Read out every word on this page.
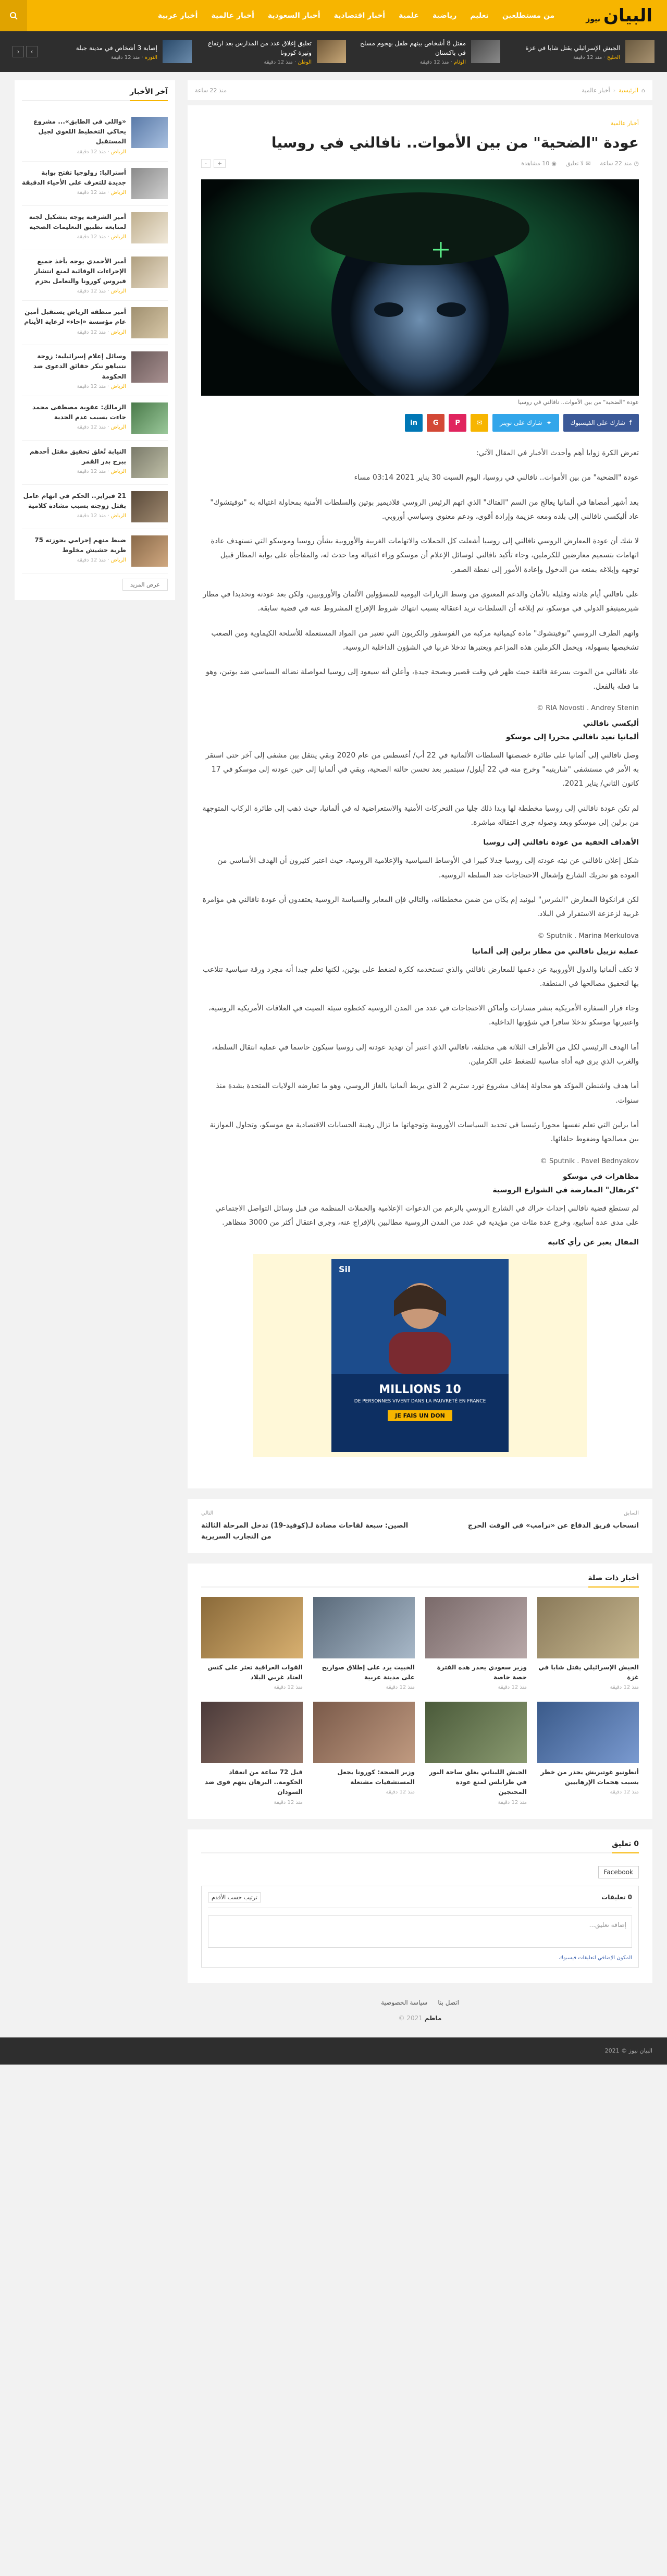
البيان
نيوز
من مستطلعين
تعليم
رياضية
علمية
أخبار اقتصادية
أخبار السعودية
أخبار عالمية
أخبار عربية
الجيش الإسرائيلي يقتل شابا في غزة
الخليج · منذ 12 دقيقة
مقتل 8 أشخاص بينهم طفل بهجوم مسلح في باكستان
الوئام · منذ 12 دقيقة
تعليق إغلاق عدد من المدارس بعد ارتفاع وتيرة كورونا
الوطن · منذ 12 دقيقة
إصابة 3 أشخاص في مدينة جبلة
الثورة · منذ 12 دقيقة
›
‹
⌂
الرئيسية
‹
أخبار عالمية
منذ 22 ساعة
أخبار عالمية
عودة "الضحية" من بين الأموات.. نافالني في روسيا
◷
منذ 22 ساعة
✉
لا تعليق
◉
10 مشاهدة
+
-
عودة "الضحية" من بين الأموات.. نافالني في روسيا
f
شارك على الفيسبوك
✦
شارك على تويتر
✉
P
G
in

تعرض الكرة زوايا أهم وأحدث الأخبار في المقال الآتي:

عودة "الضحية" من بين الأموات.. نافالني في روسيا، اليوم السبت 30 يناير 2021 03:14 مساء

بعد أشهر أمضاها في ألمانيا يعالج من السم "الفتاك" الذي اتهم الرئيس الروسي فلاديمير بوتين والسلطات الأمنية بمحاولة اغتياله به "نوفيتشوك" عاد أليكسي نافالني إلى بلده ومعه عزيمة وإرادة أقوى، ودعم معنوي وسياسي أوروبي.

لا شك أن عودة المعارض الروسي نافالني إلى روسيا أشعلت كل الحملات والاتهامات الغربية والأوروبية بشأن روسيا وموسكو التي تستهدف عادة اتهامات بتسميم معارضين للكرملين، وجاء تأكيد نافالني لوسائل الإعلام أن موسكو وراء اغتياله وما حدث له، والمفاجأة على بوابة المطار قبيل توجهه وإبلاغه بمنعه من الدخول وإعادة الأمور إلى نقطة الصفر.

على نافالني أيام هادئة وقليلة بالأمان والدعم المعنوي من وسط الزيارات اليومية للمسؤولين الألمان والأوروبيين، ولكن بعد عودته وتحديدا في مطار شيريميتيفو الدولي في موسكو، تم إبلاغه أن السلطات تريد اعتقاله بسبب انتهاك شروط الإفراج المشروط عنه في قضية سابقة.

واتهم الطرف الروسي "نوفيتشوك" مادة كيميائية مركبة من الفوسفور والكربون التي تعتبر من المواد المستعملة للأسلحة الكيماوية ومن الصعب تشخيصها بسهولة، ويحمل الكرملين هذه المزاعم ويعتبرها تدخلا غربيا في الشؤون الداخلية الروسية.

عاد نافالني من الموت بسرعة فائقة حيث ظهر في وقت قصير وبصحة جيدة، وأعلن أنه سيعود إلى روسيا لمواصلة نضاله السياسي ضد بوتين، وهو ما فعله بالفعل.

RIA Novosti . Andrey Stenin ©
أليكسي نافالني
ألمانيا تعيد نافالني محررا إلى موسكو

وصل نافالني إلى ألمانيا على طائرة خصصتها السلطات الألمانية في 22 أب/ أغسطس من عام 2020 وبقي ينتقل بين مشفى إلى آخر حتى استقر به الأمر في مستشفى "شاريتيه" وخرج منه في 22 أيلول/ سبتمبر بعد تحسن حالته الصحية، وبقي في ألمانيا إلى حين عودته إلى موسكو في 17 كانون الثاني/ يناير 2021.

لم تكن عودة نافالني إلى روسيا مخططة لها وبدا ذلك جليا من التحركات الأمنية والاستعراضية له في ألمانيا، حيث ذهب إلى طائرة الركاب المتوجهة من برلين إلى موسكو وبعد وصوله جرى اعتقاله مباشرة.

الأهداف الخفية من عودة نافالني إلى روسيا

شكل إعلان نافالني عن نيته عودته إلى روسيا جدلا كبيرا في الأوساط السياسية والإعلامية الروسية، حيث اعتبر كثيرون أن الهدف الأساسي من العودة هو تحريك الشارع وإشعال الاحتجاجات ضد السلطة الروسية.

لكن فرانكوفا المعارض "الشرس" ليونيد إم يكان من ضمن مخططاته، والتالي فإن المعابر والسياسة الروسية يعتقدون أن عودة نافالني هي مؤامرة غربية لزعزعة الاستقرار في البلاد.

Sputnik . Marina Merkulova ©
عملية تزييل نافالني من مطار برلين إلى ألمانيا

لا تكف ألمانيا والدول الأوروبية عن دعمها للمعارض نافالني والذي تستخدمه ككرة لضغط على بوتين، لكنها تعلم جيدا أنه مجرد ورقة سياسية تتلاعب بها لتحقيق مصالحها في المنطقة.

وجاء قرار السفارة الأمريكية بنشر مسارات وأماكن الاحتجاجات في عدد من المدن الروسية كخطوة سيئة الصيت في العلاقات الأمريكية الروسية، واعتبرتها موسكو تدخلا سافرا في شؤونها الداخلية.

أما الهدف الرئيسي لكل من الأطراف الثلاثة هي مختلفة، نافالني الذي اعتبر أن تهديد عودته إلى روسيا سيكون حاسما في عملية انتقال السلطة، والغرب الذي يرى فيه أداة مناسبة للضغط على الكرملين.

أما هدف واشنطن المؤكد هو محاولة إيقاف مشروع نورد ستريم 2 الذي يربط ألمانيا بالغاز الروسي، وهو ما تعارضه الولايات المتحدة بشدة منذ سنوات.

أما برلين التي تعلم نفسها محورا رئيسيا في تحديد السياسات الأوروبية وتوجهاتها ما تزال رهينة الحسابات الاقتصادية مع موسكو، وتحاول الموازنة بين مصالحها وضغوط حلفائها.

Sputnik . Pavel Bednyakov ©
مظاهرات في موسكو
"كرنفال" المعارضة في الشوارع الروسية

لم تستطع قضية نافالني إحداث حراك في الشارع الروسي بالرغم من الدعوات الإعلامية والحملات المنظمة من قبل وسائل التواصل الاجتماعي على مدى عدة أسابيع، وخرج عدة مئات من مؤيديه في عدد من المدن الروسية مطالبين بالإفراج عنه، وجرى اعتقال أكثر من 3000 متظاهر.

المقال يعبر عن رأي كاتبه
Sil
10 MILLIONS
DE PERSONNES VIVENT DANS LA PAUVRETÉ EN FRANCE
JE FAIS UN DON
السابق
انسحاب فريق الدفاع عن «ترامب» في الوقت الحرج
التالي
الصين: سبعة لقاحات مضادة لـ(كوفيد-19) تدخل المرحلة الثالثة من التجارب السريرية
أخبار ذات صلة
الجيش الإسرائيلي يقتل شابا في غزة
منذ 12 دقيقة
وزير سعودي يحذر هذه الفترة حصة خاصة
منذ 12 دقيقة
الخبيث يرد على إطلاق صواريخ على مدينة عربية
منذ 12 دقيقة
القوات العراقية تعثر على كنس العتاد غربي البلاد
منذ 12 دقيقة
أنطونيو غوتيريش يحذر من خطر بسبب هجمات الإرهابيين
منذ 12 دقيقة
الجيش اللبناني يغلق ساحة النور في طرابلس لمنع عودة المحتجين
منذ 12 دقيقة
وزير الصحة: كورونا يجعل المستشفيات مشتعلة
منذ 12 دقيقة
قبل 72 ساعة من انعقاد الحكومة.. البرهان يتهم قوى ضد السودان
منذ 12 دقيقة
0 تعليق
Facebook
0 تعليقات
ترتيب حسب الأقدم
إضافة تعليق...
المكون الإضافي لتعليقات فيسبوك
اتصل بنا
سياسة الخصوصية
ماطم 2021 ©
آخر الأخبار
«واللي في الطابق»... مشروع يحاكي التخطيط اللغوي لجيل المستقبل
الرياض · منذ 12 دقيقة
أستراليا: زولوجيا تفتح بوابة جديدة للتعرف على الأحياء الدقيقة
الرياض · منذ 12 دقيقة
أمير الشرقية يوجه بتشكيل لجنة لمتابعة تطبيق التعليمات الصحية
الرياض · منذ 12 دقيقة
أمير الأحمدي يوجه بأخذ جميع الإجراءات الوقائية لمنع انتشار فيروس كورونا والتعامل بحزم
الرياض · منذ 12 دقيقة
أمير منطقة الرياض يستقبل أمين عام مؤسسة «إخاء» لرعاية الأيتام
الرياض · منذ 12 دقيقة
وسائل إعلام إسرائيلية: زوجة نتنياهو تنكر حقائق الدعوى ضد الحكومة
الرياض · منذ 12 دقيقة
الزمالك: عقوبة مصطفى محمد جاءت بسبب عدم الجدية
الرياض · منذ 12 دقيقة
النيابة تُغلق تحقيق مقتل أحدهم ببرج بدر القمر
الرياض · منذ 12 دقيقة
21 فبراير.. الحكم في اتهام عامل بقتل زوجته بسبب مشادة كلامية
الرياض · منذ 12 دقيقة
ضبط منهم إجرامي يحوزته 75 طربة حشيش مخلوط
الرياض · منذ 12 دقيقة
عرض المزيد
البيان نيوز © 2021
